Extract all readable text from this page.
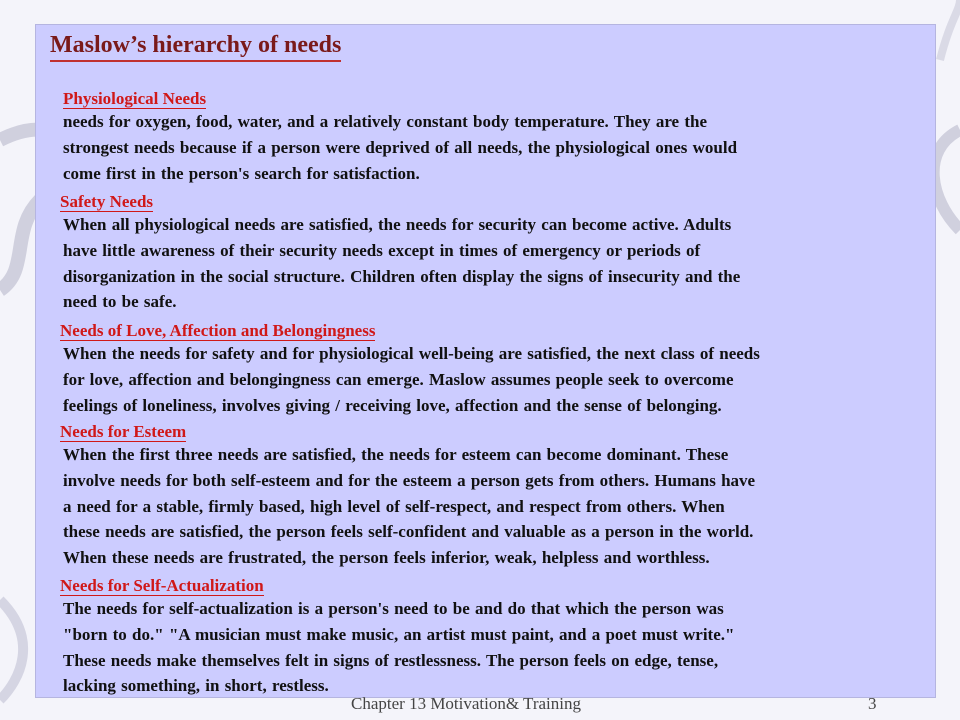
Maslow’s hierarchy of needs
Physiological Needs
needs for oxygen, food, water, and a relatively constant body temperature. They are the
strongest needs because if a person were deprived of all needs, the physiological ones would
come first in the person's search for satisfaction.
Safety Needs
When all physiological needs are satisfied, the needs for security can become active. Adults
have little awareness of their security needs except in times of emergency or periods of
disorganization in the social structure. Children often display the signs of insecurity and the
need to be safe.
Needs of Love, Affection and Belongingness
When the needs for safety and for physiological well-being are satisfied, the next class of needs
for love, affection and belongingness can emerge. Maslow assumes people seek to overcome
feelings of loneliness, involves giving / receiving love, affection and the sense of belonging.
Needs for Esteem
When the first three needs are satisfied, the needs for esteem can become dominant. These
involve needs for both self-esteem and for the esteem a person gets from others. Humans have
a need for a stable, firmly based, high level of self-respect, and respect from others. When
these needs are satisfied, the person feels self-confident and valuable as a person in the world.
When these needs are frustrated, the person feels inferior, weak, helpless and worthless.
Needs for Self-Actualization
The needs for self-actualization is a person's need to be and do that which the person was
"born to do." "A musician must make music, an artist must paint, and a poet must write."
These needs make themselves felt in signs of restlessness. The person feels on edge, tense,
lacking something, in short, restless.
Chapter 13 Motivation& Training	3
